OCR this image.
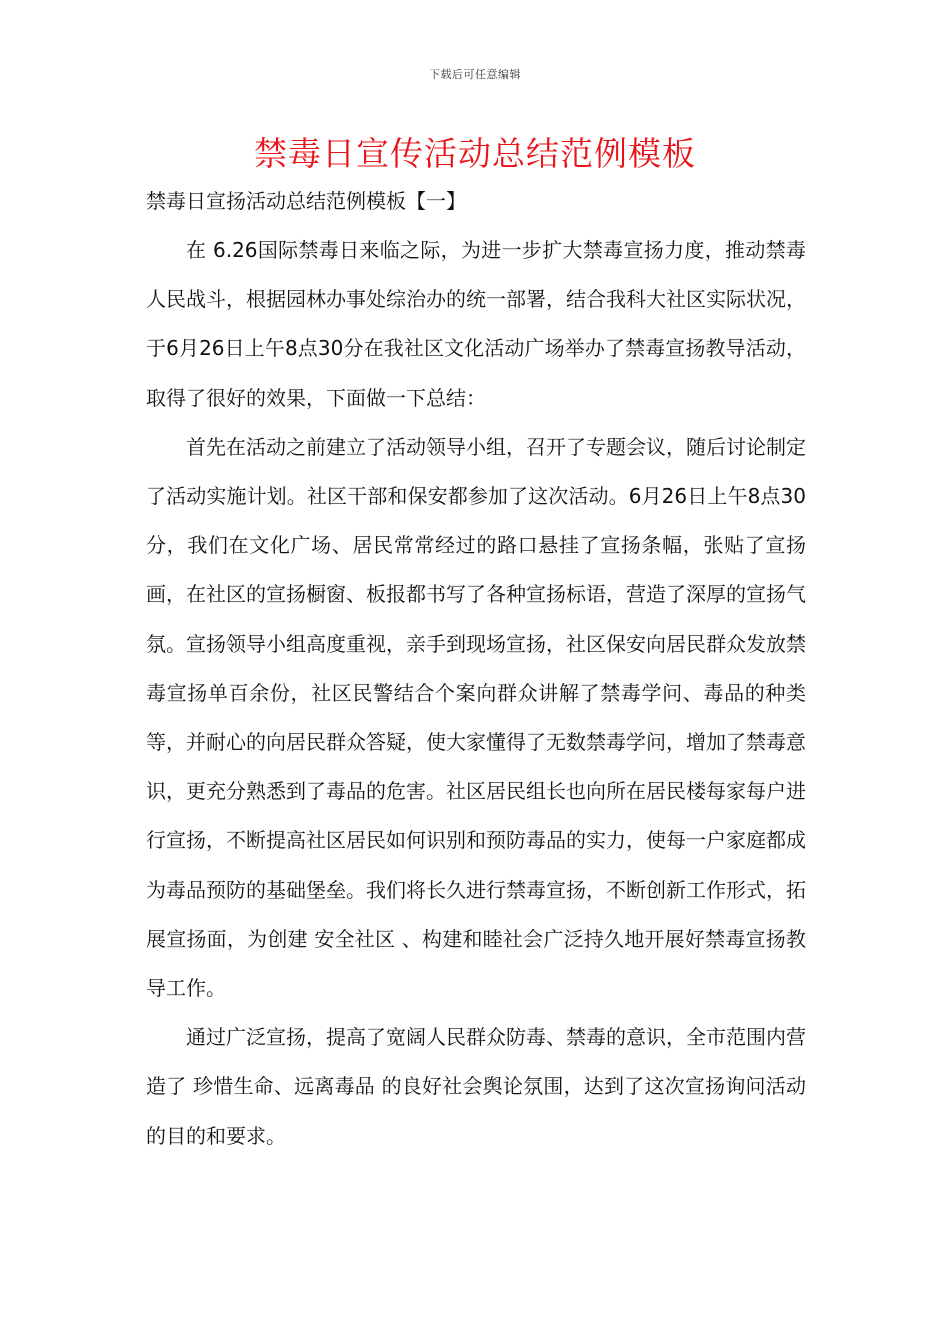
下载后可任意编辑
禁毒日宣传活动总结范例模板
禁毒日宣扬活动总结范例模板【一】

在 6.26国际禁毒日来临之际，为进一步扩大禁毒宣扬力度，推动禁毒人民战斗，根据园林办事处综治办的统一部署，结合我科大社区实际状况，于6月26日上午8点30分在我社区文化活动广场举办了禁毒宣扬教导活动，取得了很好的效果，下面做一下总结：

首先在活动之前建立了活动领导小组，召开了专题会议，随后讨论制定了活动实施计划。社区干部和保安都参加了这次活动。6月26日上午8点30分，我们在文化广场、居民常常经过的路口悬挂了宣扬条幅，张贴了宣扬画，在社区的宣扬橱窗、板报都书写了各种宣扬标语，营造了深厚的宣扬气氛。宣扬领导小组高度重视，亲手到现场宣扬，社区保安向居民群众发放禁毒宣扬单百余份，社区民警结合个案向群众讲解了禁毒学问、毒品的种类等，并耐心的向居民群众答疑，使大家懂得了无数禁毒学问，增加了禁毒意识，更充分熟悉到了毒品的危害。社区居民组长也向所在居民楼每家每户进行宣扬，不断提高社区居民如何识别和预防毒品的实力，使每一户家庭都成为毒品预防的基础堡垒。我们将长久进行禁毒宣扬，不断创新工作形式，拓展宣扬面，为创建 安全社区 、构建和睦社会广泛持久地开展好禁毒宣扬教导工作。

通过广泛宣扬，提高了宽阔人民群众防毒、禁毒的意识，全市范围内营造了 珍惜生命、远离毒品 的良好社会舆论氛围，达到了这次宣扬询问活动的目的和要求。
